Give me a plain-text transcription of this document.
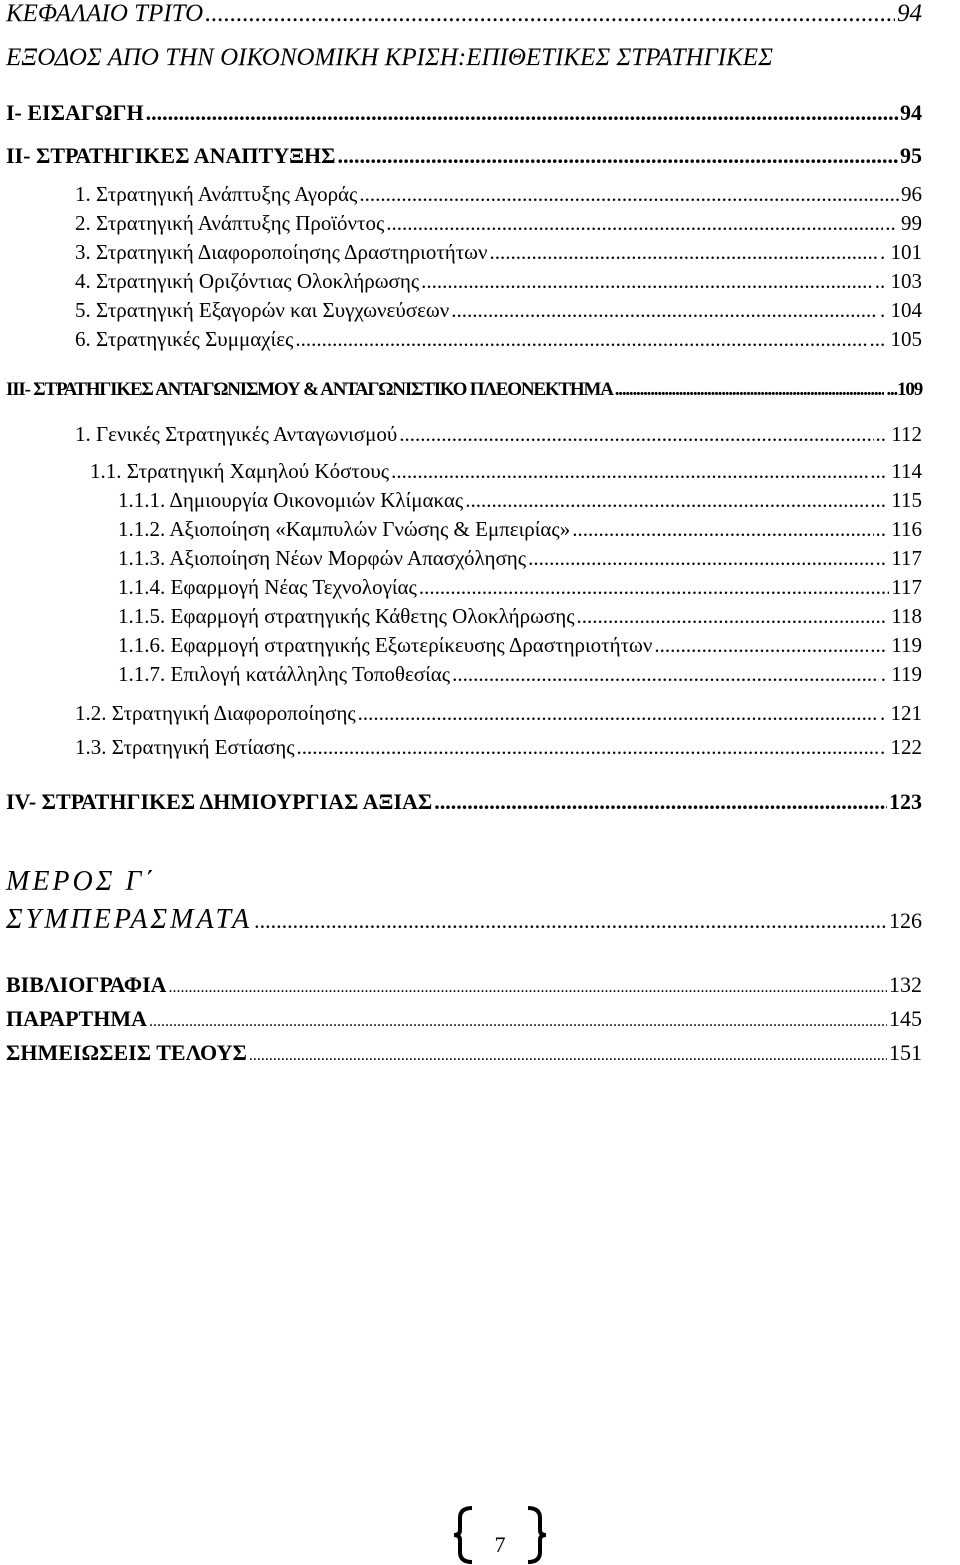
ΚΕΦΑΛΑΙΟ ΤΡΙΤΟ .....	94
ΕΞΟΔΟΣ ΑΠΟ ΤΗΝ ΟΙΚΟΝΟΜΙΚΗ ΚΡΙΣΗ:ΕΠΙΘΕΤΙΚΕΣ ΣΤΡΑΤΗΓΙΚΕΣ
I- ΕΙΣΑΓΩΓΗ .....	94
II- ΣΤΡΑΤΗΓΙΚΕΣ ΑΝΑΠΤΥΞΗΣ .....	95
1. Στρατηγική Ανάπτυξης Αγοράς .....	96
2. Στρατηγική Ανάπτυξης Προϊόντος .....	.. 99
3. Στρατηγική Διαφοροποίησης Δραστηριοτήτων .....	. 101
4. Στρατηγική Οριζόντιας Ολοκλήρωσης .....	.. 103
5. Στρατηγική Εξαγορών και Συγχωνεύσεων .....	. 104
6. Στρατηγικές Συμμαχίες .....	... 105
III- ΣΤΡΑΤΗΓΙΚΕΣ ΑΝΤΑΓΩΝΙΣΜΟΥ & ΑΝΤΑΓΩΝΙΣΤΙΚΟ ΠΛΕΟΝΕΚΤΗΜΑ .....	...109
1. Γενικές Στρατηγικές Ανταγωνισμού .....	.. 112
1.1. Στρατηγική Χαμηλού Κόστους .....	... 114
1.1.1. Δημιουργία Οικονομιών Κλίμακας .....	... 115
1.1.2. Αξιοποίηση «Καμπυλών Γνώσης & Εμπειρίας» .....	.. 116
1.1.3. Αξιοποίηση Νέων Μορφών Απασχόλησης .....	.. 117
1.1.4. Εφαρμογή Νέας Τεχνολογίας .....	117
1.1.5. Εφαρμογή στρατηγικής Κάθετης Ολοκλήρωσης .....	.. 118
1.1.6. Εφαρμογή στρατηγικής Εξωτερίκευσης Δραστηριοτήτων .....	... 119
1.1.7. Επιλογή κατάλληλης Τοποθεσίας .....	. 119
1.2. Στρατηγική Διαφοροποίησης .....	. 121
1.3. Στρατηγική Εστίασης .....	. 122
IV- ΣΤΡΑΤΗΓΙΚΕΣ ΔΗΜΙΟΥΡΓΙΑΣ ΑΞΙΑΣ .....	123
ΜΕΡΟΣ Γ΄
ΣΥΜΠΕΡΑΣΜΑΤΑ .....	126
ΒΙΒΛΙΟΓΡΑΦΙΑ .....	132
ΠΑΡΑΡΤΗΜΑ .....	145
ΣΗΜΕΙΩΣΕΙΣ ΤΕΛΟΥΣ .....	151
7
